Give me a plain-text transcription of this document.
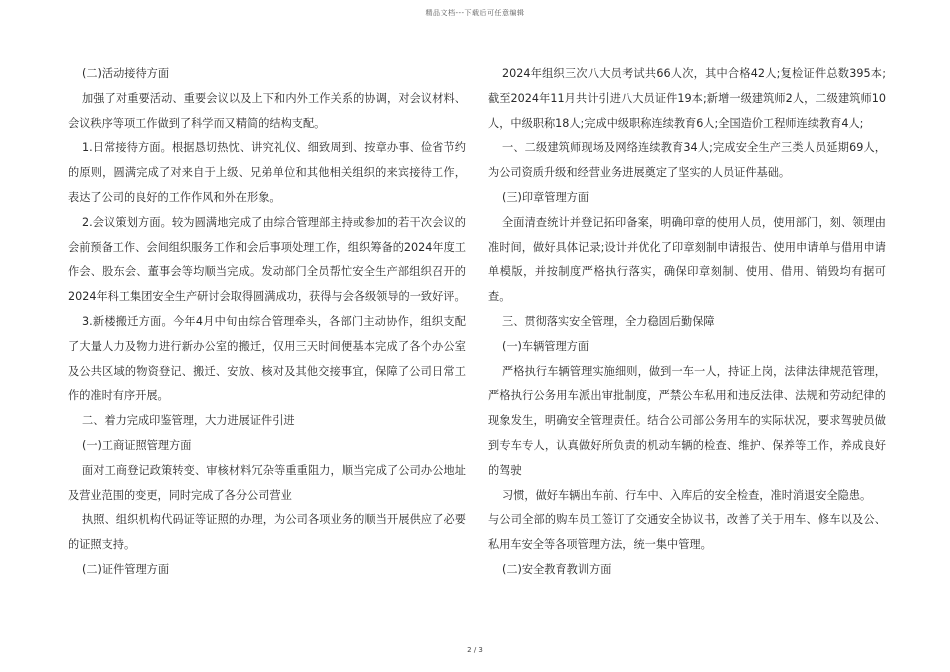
精品文档---下载后可任意编辑

(二)活动接待方面

加强了对重要活动、重要会议以及上下和内外工作关系的协调，对会议材料、会议秩序等项工作做到了科学而又精简的结构支配。

1.日常接待方面。根据恳切热忱、讲究礼仪、细致周到、按章办事、俭省节约的原则，圆满完成了对来自于上级、兄弟单位和其他相关组织的来宾接待工作，表达了公司的良好的工作作风和外在形象。

2.会议策划方面。较为圆满地完成了由综合管理部主持或参加的若干次会议的会前预备工作、会间组织服务工作和会后事项处理工作，组织筹备的2024年度工作会、股东会、董事会等均顺当完成。发动部门全员帮忙安全生产部组织召开的2024年科工集团安全生产研讨会取得圆满成功，获得与会各级领导的一致好评。

3.新楼搬迁方面。今年4月中旬由综合管理牵头，各部门主动协作，组织支配了大量人力及物力进行新办公室的搬迁，仅用三天时间便基本完成了各个办公室及公共区域的物资登记、搬迁、安放、核对及其他交接事宜，保障了公司日常工作的准时有序开展。

二、着力完成印鉴管理，大力进展证件引进

(一)工商证照管理方面

面对工商登记政策转变、审核材料冗杂等重重阻力，顺当完成了公司办公地址及营业范围的变更，同时完成了各分公司营业

执照、组织机构代码证等证照的办理，为公司各项业务的顺当开展供应了必要的证照支持。

(二)证件管理方面

2024年组织三次八大员考试共66人次，其中合格42人;复检证件总数395本;截至2024年11月共计引进八大员证件19本;新增一级建筑师2人，二级建筑师10人，中级职称18人;完成中级职称连续教育6人;全国造价工程师连续教育4人;

一、二级建筑师现场及网络连续教育34人;完成安全生产三类人员延期69人，为公司资质升级和经营业务进展奠定了坚实的人员证件基础。

(三)印章管理方面

全面清查统计并登记拓印备案，明确印章的使用人员，使用部门，刻、领理由准时间，做好具体记录;设计并优化了印章刻制申请报告、使用申请单与借用申请单模版，并按制度严格执行落实，确保印章刻制、使用、借用、销毁均有据可查。

三、贯彻落实安全管理，全力稳固后勤保障

(一)车辆管理方面

严格执行车辆管理实施细则，做到一车一人，持证上岗，法律法律规范管理，严格执行公务用车派出审批制度，严禁公车私用和违反法律、法规和劳动纪律的现象发生，明确安全管理责任。结合公司部公务用车的实际状况，要求驾驶员做到专车专人，认真做好所负责的机动车辆的检查、维护、保养等工作，养成良好的驾驶

习惯，做好车辆出车前、行车中、入库后的安全检查，准时消退安全隐患。

与公司全部的购车员工签订了交通安全协议书，改善了关于用车、修车以及公、私用车安全等各项管理方法，统一集中管理。

(二)安全教育教训方面

2 / 3
